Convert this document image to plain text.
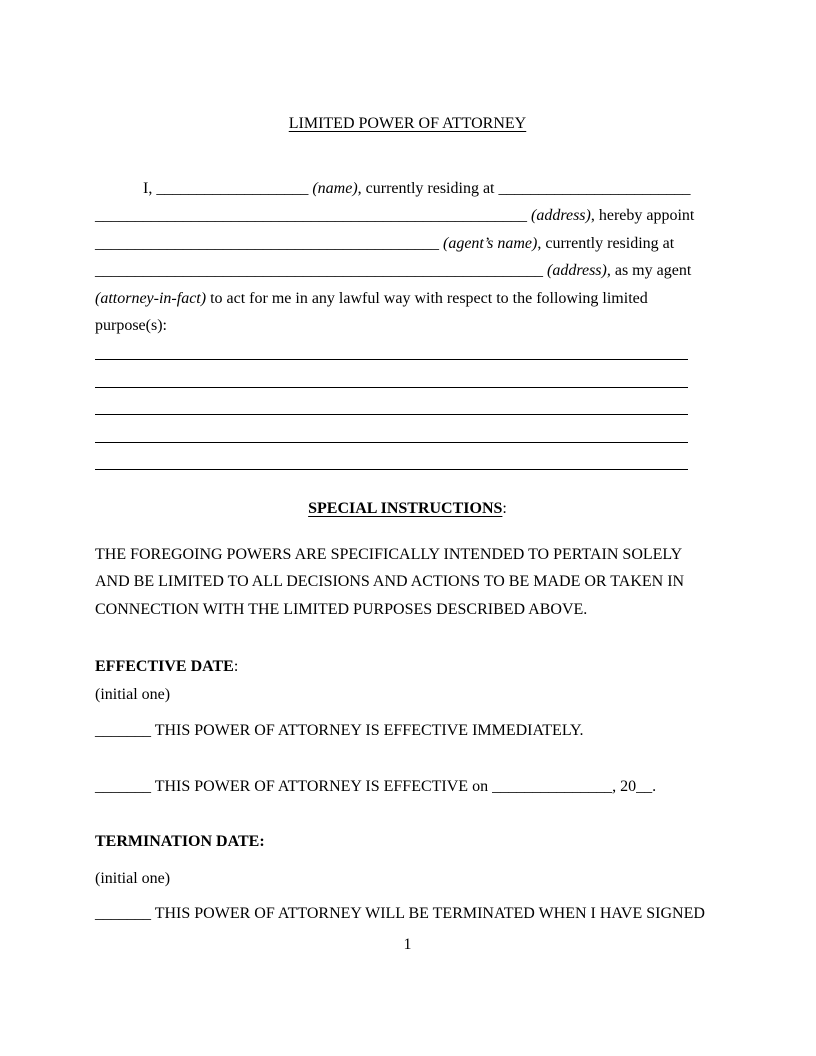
LIMITED POWER OF ATTORNEY
I, ___________________ (name), currently residing at ________________________
______________________________________________________ (address), hereby appoint
___________________________________________ (agent’s name), currently residing at
________________________________________________________ (address), as my agent
(attorney-in-fact) to act for me in any lawful way with respect to the following limited
purpose(s):
SPECIAL INSTRUCTIONS:
THE FOREGOING POWERS ARE SPECIFICALLY INTENDED TO PERTAIN SOLELY
AND BE LIMITED TO ALL DECISIONS AND ACTIONS TO BE MADE OR TAKEN IN
CONNECTION WITH THE LIMITED PURPOSES DESCRIBED ABOVE.
EFFECTIVE DATE:
(initial one)
_______ THIS POWER OF ATTORNEY IS EFFECTIVE IMMEDIATELY.
_______ THIS POWER OF ATTORNEY IS EFFECTIVE on _______________, 20__.
TERMINATION DATE:
(initial one)
_______ THIS POWER OF ATTORNEY WILL BE TERMINATED WHEN I HAVE SIGNED
1
